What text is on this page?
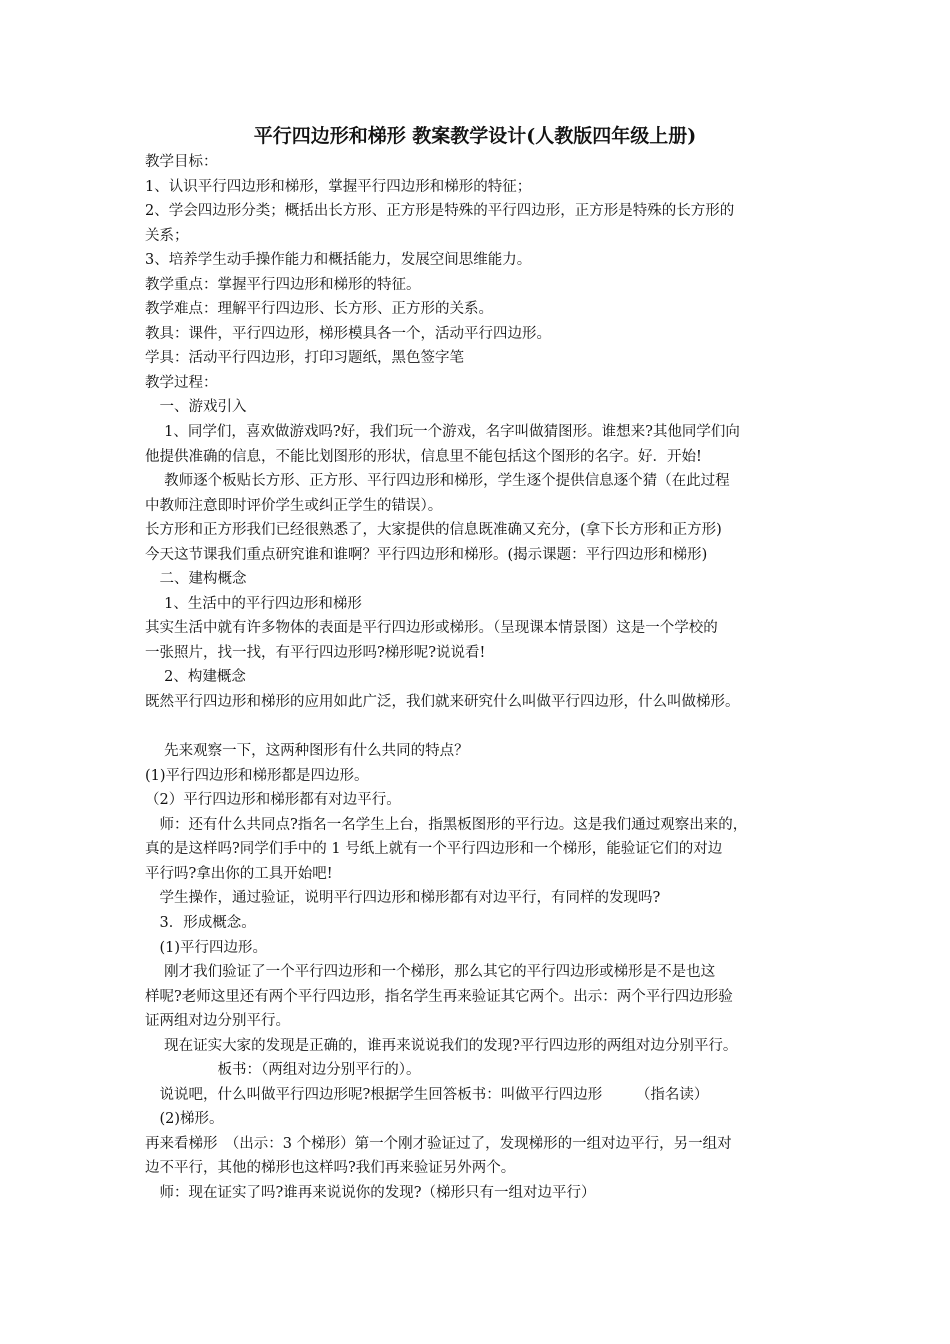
平行四边形和梯形 教案教学设计(人教版四年级上册)
教学目标：
1、认识平行四边形和梯形，掌握平行四边形和梯形的特征；
2、学会四边形分类；概括出长方形、正方形是特殊的平行四边形，正方形是特殊的长方形的
关系；
3、培养学生动手操作能力和概括能力，发展空间思维能力。
教学重点：掌握平行四边形和梯形的特征。
教学难点：理解平行四边形、长方形、正方形的关系。
教具：课件，平行四边形，梯形模具各一个，活动平行四边形。
学具：活动平行四边形，打印习题纸，黑色签字笔
教学过程：
　一、游戏引入
　 1、同学们，喜欢做游戏吗?好，我们玩一个游戏，名字叫做猜图形。谁想来?其他同学们向
他提供准确的信息，不能比划图形的形状，信息里不能包括这个图形的名字。好．开始!
　 教师逐个板贴长方形、正方形、平行四边形和梯形，学生逐个提供信息逐个猜（在此过程
中教师注意即时评价学生或纠正学生的错误）。
长方形和正方形我们已经很熟悉了，大家提供的信息既准确又充分，(拿下长方形和正方形)
今天这节课我们重点研究谁和谁啊？平行四边形和梯形。(揭示课题：平行四边形和梯形)
　二、建构概念
　 1、生活中的平行四边形和梯形
其实生活中就有许多物体的表面是平行四边形或梯形。（呈现课本情景图）这是一个学校的
一张照片，找一找，有平行四边形吗?梯形呢?说说看!
　 2、构建概念
既然平行四边形和梯形的应用如此广泛，我们就来研究什么叫做平行四边形，什么叫做梯形。
　 先来观察一下，这两种图形有什么共同的特点？
(1)平行四边形和梯形都是四边形。
（2）平行四边形和梯形都有对边平行。
　师：还有什么共同点?指名一名学生上台，指黑板图形的平行边。这是我们通过观察出来的，
真的是这样吗?同学们手中的 1 号纸上就有一个平行四边形和一个梯形，能验证它们的对边
平行吗?拿出你的工具开始吧!
　学生操作，通过验证，说明平行四边形和梯形都有对边平行，有同样的发现吗?
　3．形成概念。
　(1)平行四边形。
　 刚才我们验证了一个平行四边形和一个梯形，那么其它的平行四边形或梯形是不是也这
样呢?老师这里还有两个平行四边形，指名学生再来验证其它两个。出示：两个平行四边形验
证两组对边分别平行。
　 现在证实大家的发现是正确的，谁再来说说我们的发现?平行四边形的两组对边分别平行。
　　　　　板书：（两组对边分别平行的）。
　说说吧，什么叫做平行四边形呢?根据学生回答板书：叫做平行四边形　　 （指名读）
　(2)梯形。
再来看梯形　（出示：3 个梯形）第一个刚才验证过了，发现梯形的一组对边平行，另一组对
边不平行，其他的梯形也这样吗?我们再来验证另外两个。
　师：现在证实了吗?谁再来说说你的发现?（梯形只有一组对边平行）
